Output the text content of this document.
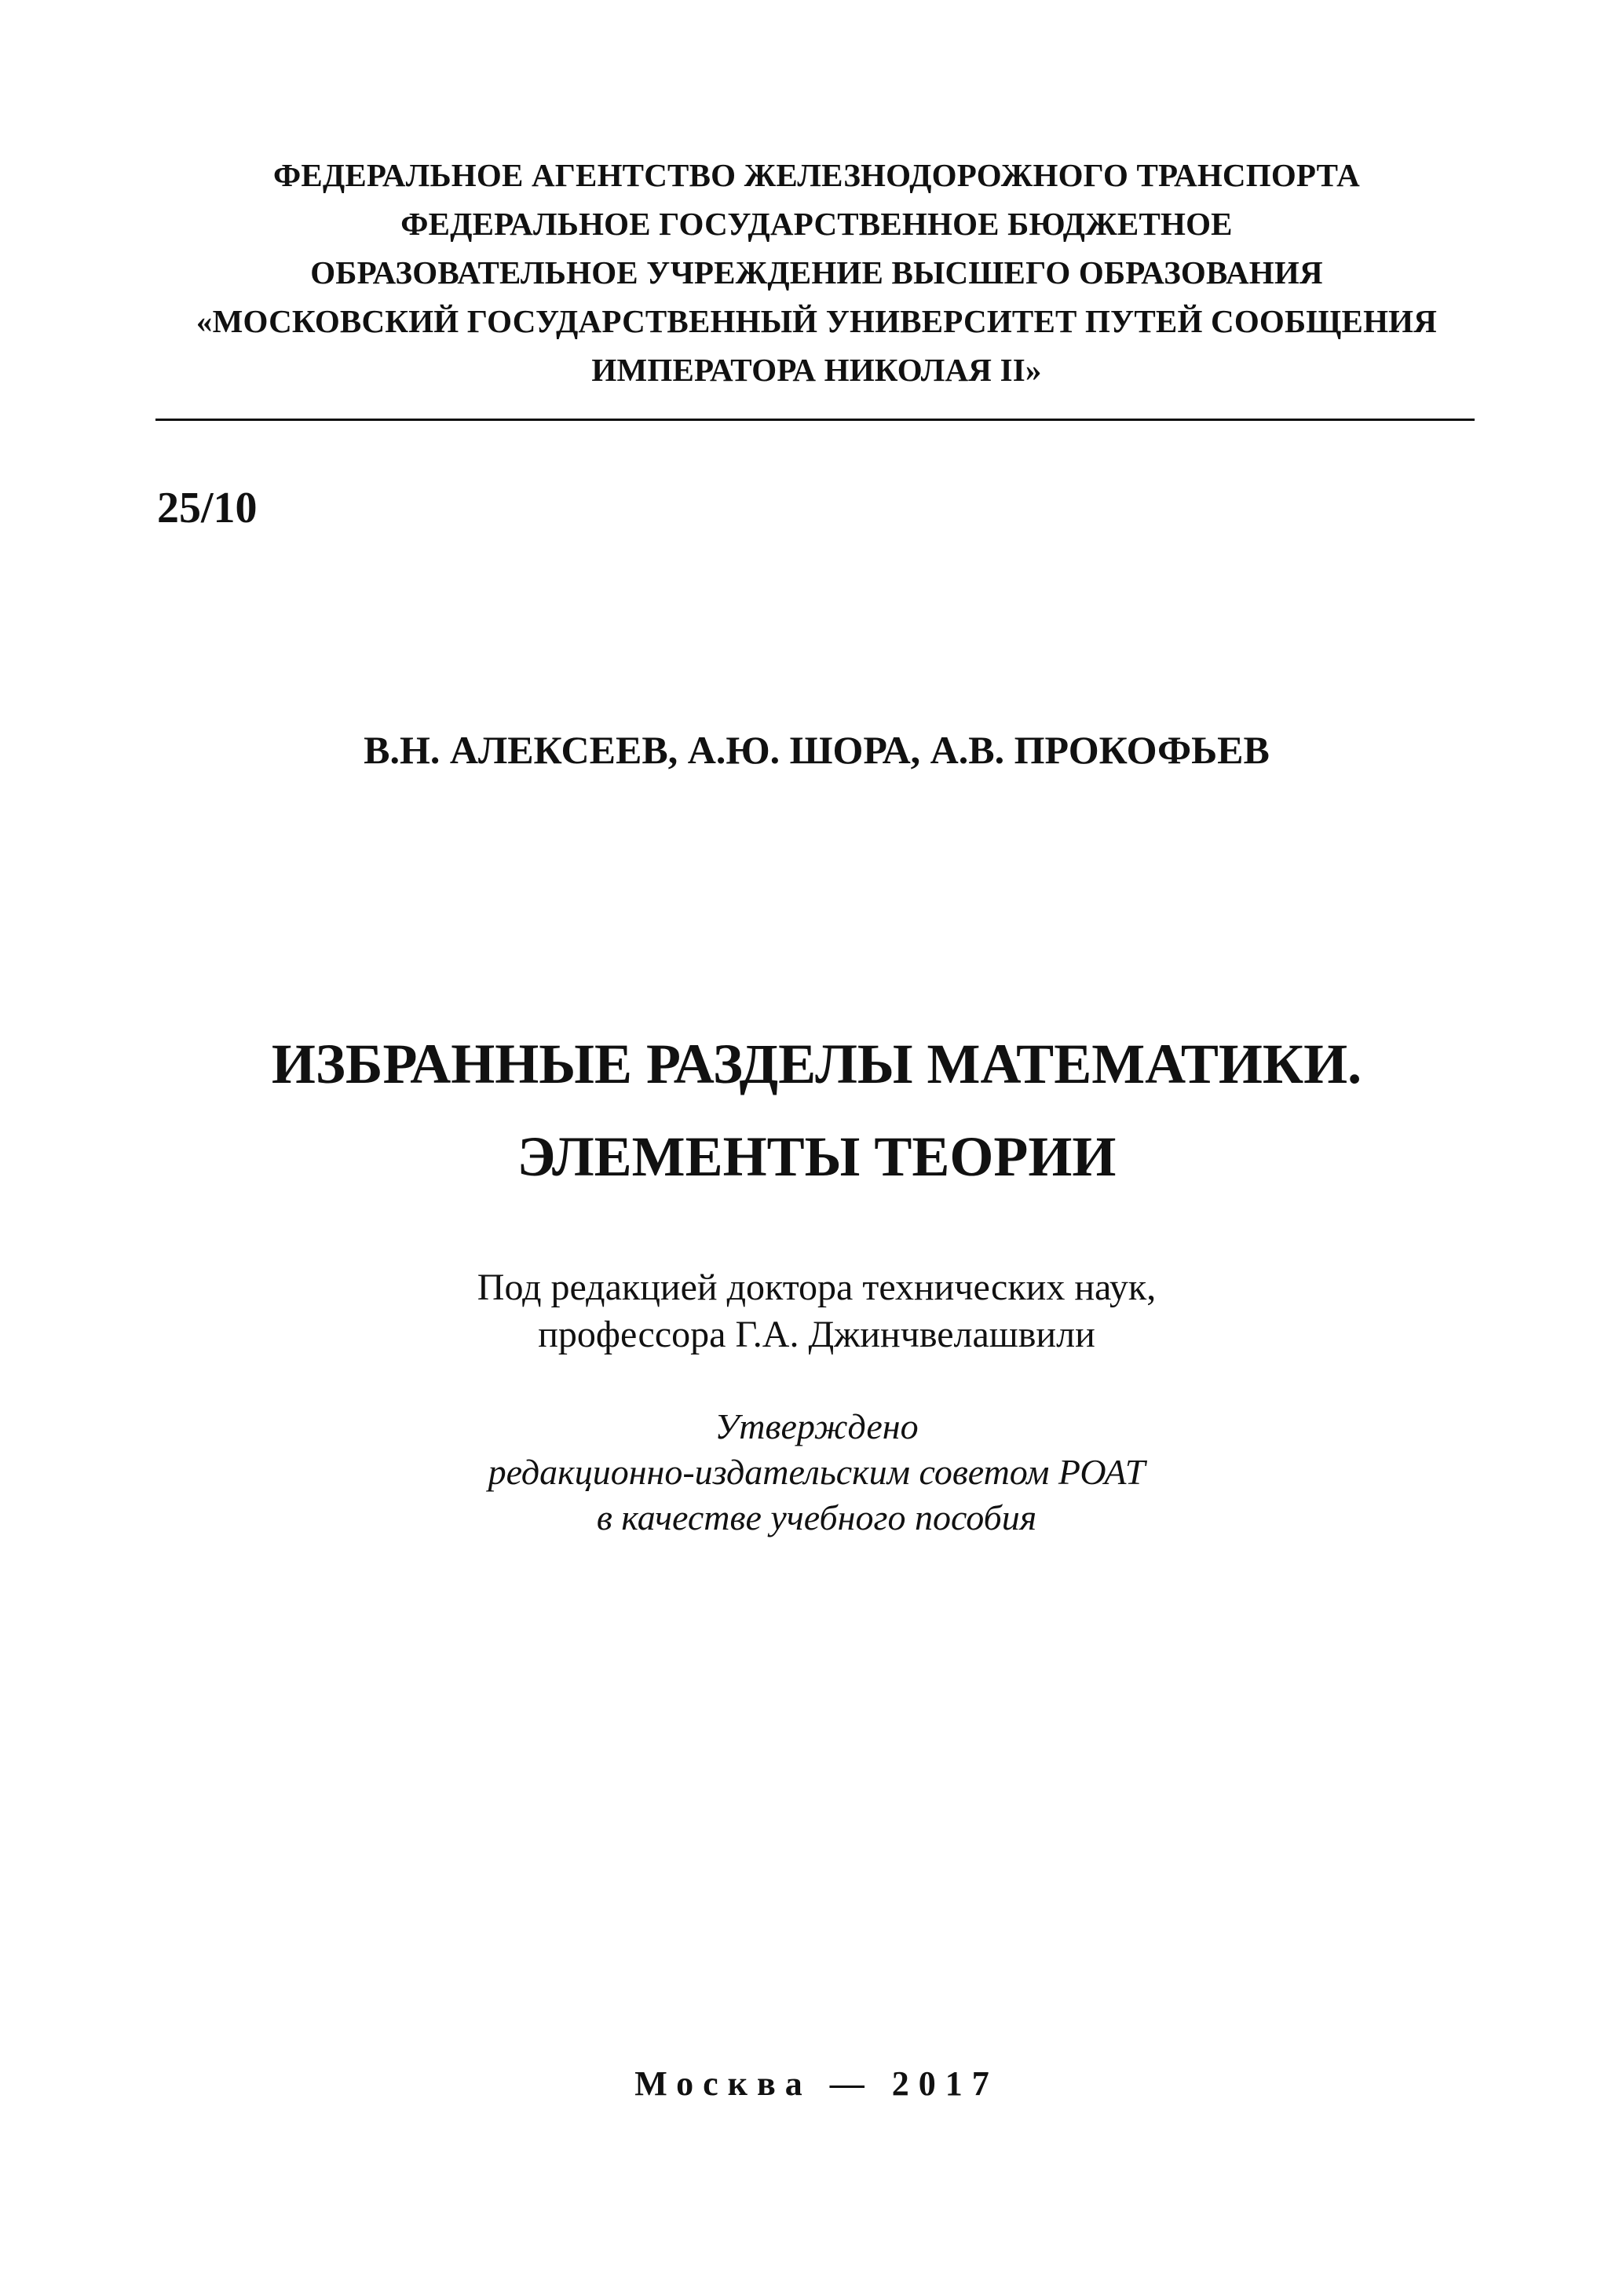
ФЕДЕРАЛЬНОЕ АГЕНТСТВО ЖЕЛЕЗНОДОРОЖНОГО ТРАНСПОРТА
ФЕДЕРАЛЬНОЕ ГОСУДАРСТВЕННОЕ БЮДЖЕТНОЕ
ОБРАЗОВАТЕЛЬНОЕ УЧРЕЖДЕНИЕ ВЫСШЕГО ОБРАЗОВАНИЯ
«МОСКОВСКИЙ ГОСУДАРСТВЕННЫЙ УНИВЕРСИТЕТ ПУТЕЙ СООБЩЕНИЯ
ИМПЕРАТОРА НИКОЛАЯ II»
25/10
В.Н. АЛЕКСЕЕВ, А.Ю. ШОРА, А.В. ПРОКОФЬЕВ
ИЗБРАННЫЕ РАЗДЕЛЫ МАТЕМАТИКИ.
ЭЛЕМЕНТЫ ТЕОРИИ
Под редакцией доктора технических наук,
профессора Г.А. Джинчвелашвили
Утверждено
редакционно-издательским советом РОАТ
в качестве учебного пособия
Москва — 2017
